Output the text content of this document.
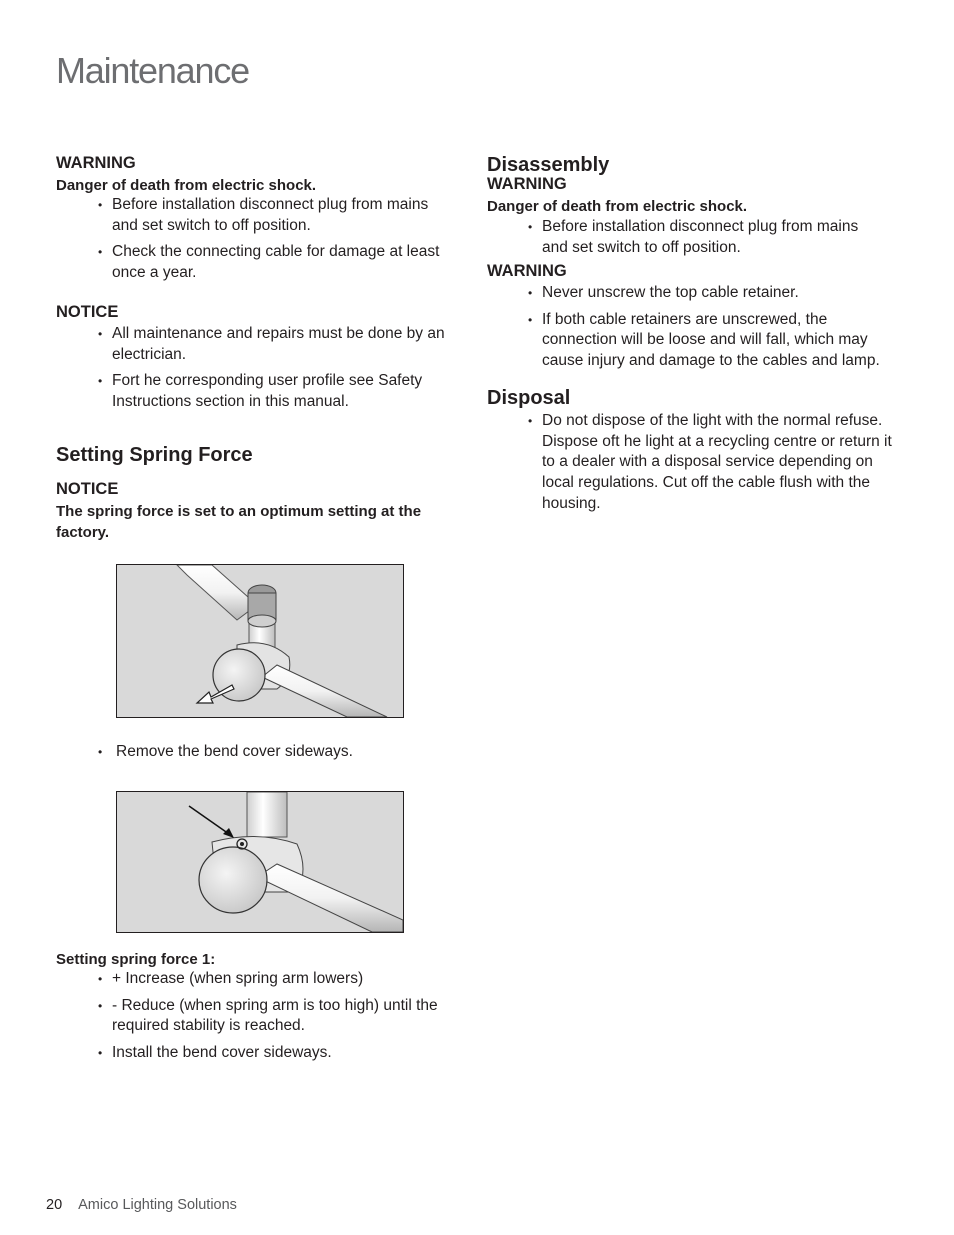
Maintenance
WARNING
Danger of death from electric shock.
• Before installation disconnect plug from mains and set switch to off position.
• Check the connecting cable for damage at least once a year.
NOTICE
• All maintenance and repairs must be done by an electrician.
• Fort he corresponding user profile see Safety Instructions section in this manual.
Setting Spring Force
NOTICE
The spring force is set to an optimum setting at the factory.
• Remove the bend cover sideways.
Setting spring force 1:
• + Increase (when spring arm lowers)
• - Reduce (when spring arm is too high) until the required stability is reached.
• Install the bend cover sideways.
Disassembly
WARNING
Danger of death from electric shock.
• Before installation disconnect plug from mains and set switch to off position.
WARNING
• Never unscrew the top cable retainer.
• If both cable retainers are unscrewed, the connection will be loose and will fall, which may cause injury and damage to the cables and lamp.
Disposal
• Do not dispose of the light with the normal refuse. Dispose oft he light at a recycling centre or return it to a dealer with a disposal service depending on local regulations. Cut off the cable flush with the housing.
20 Amico Lighting Solutions
